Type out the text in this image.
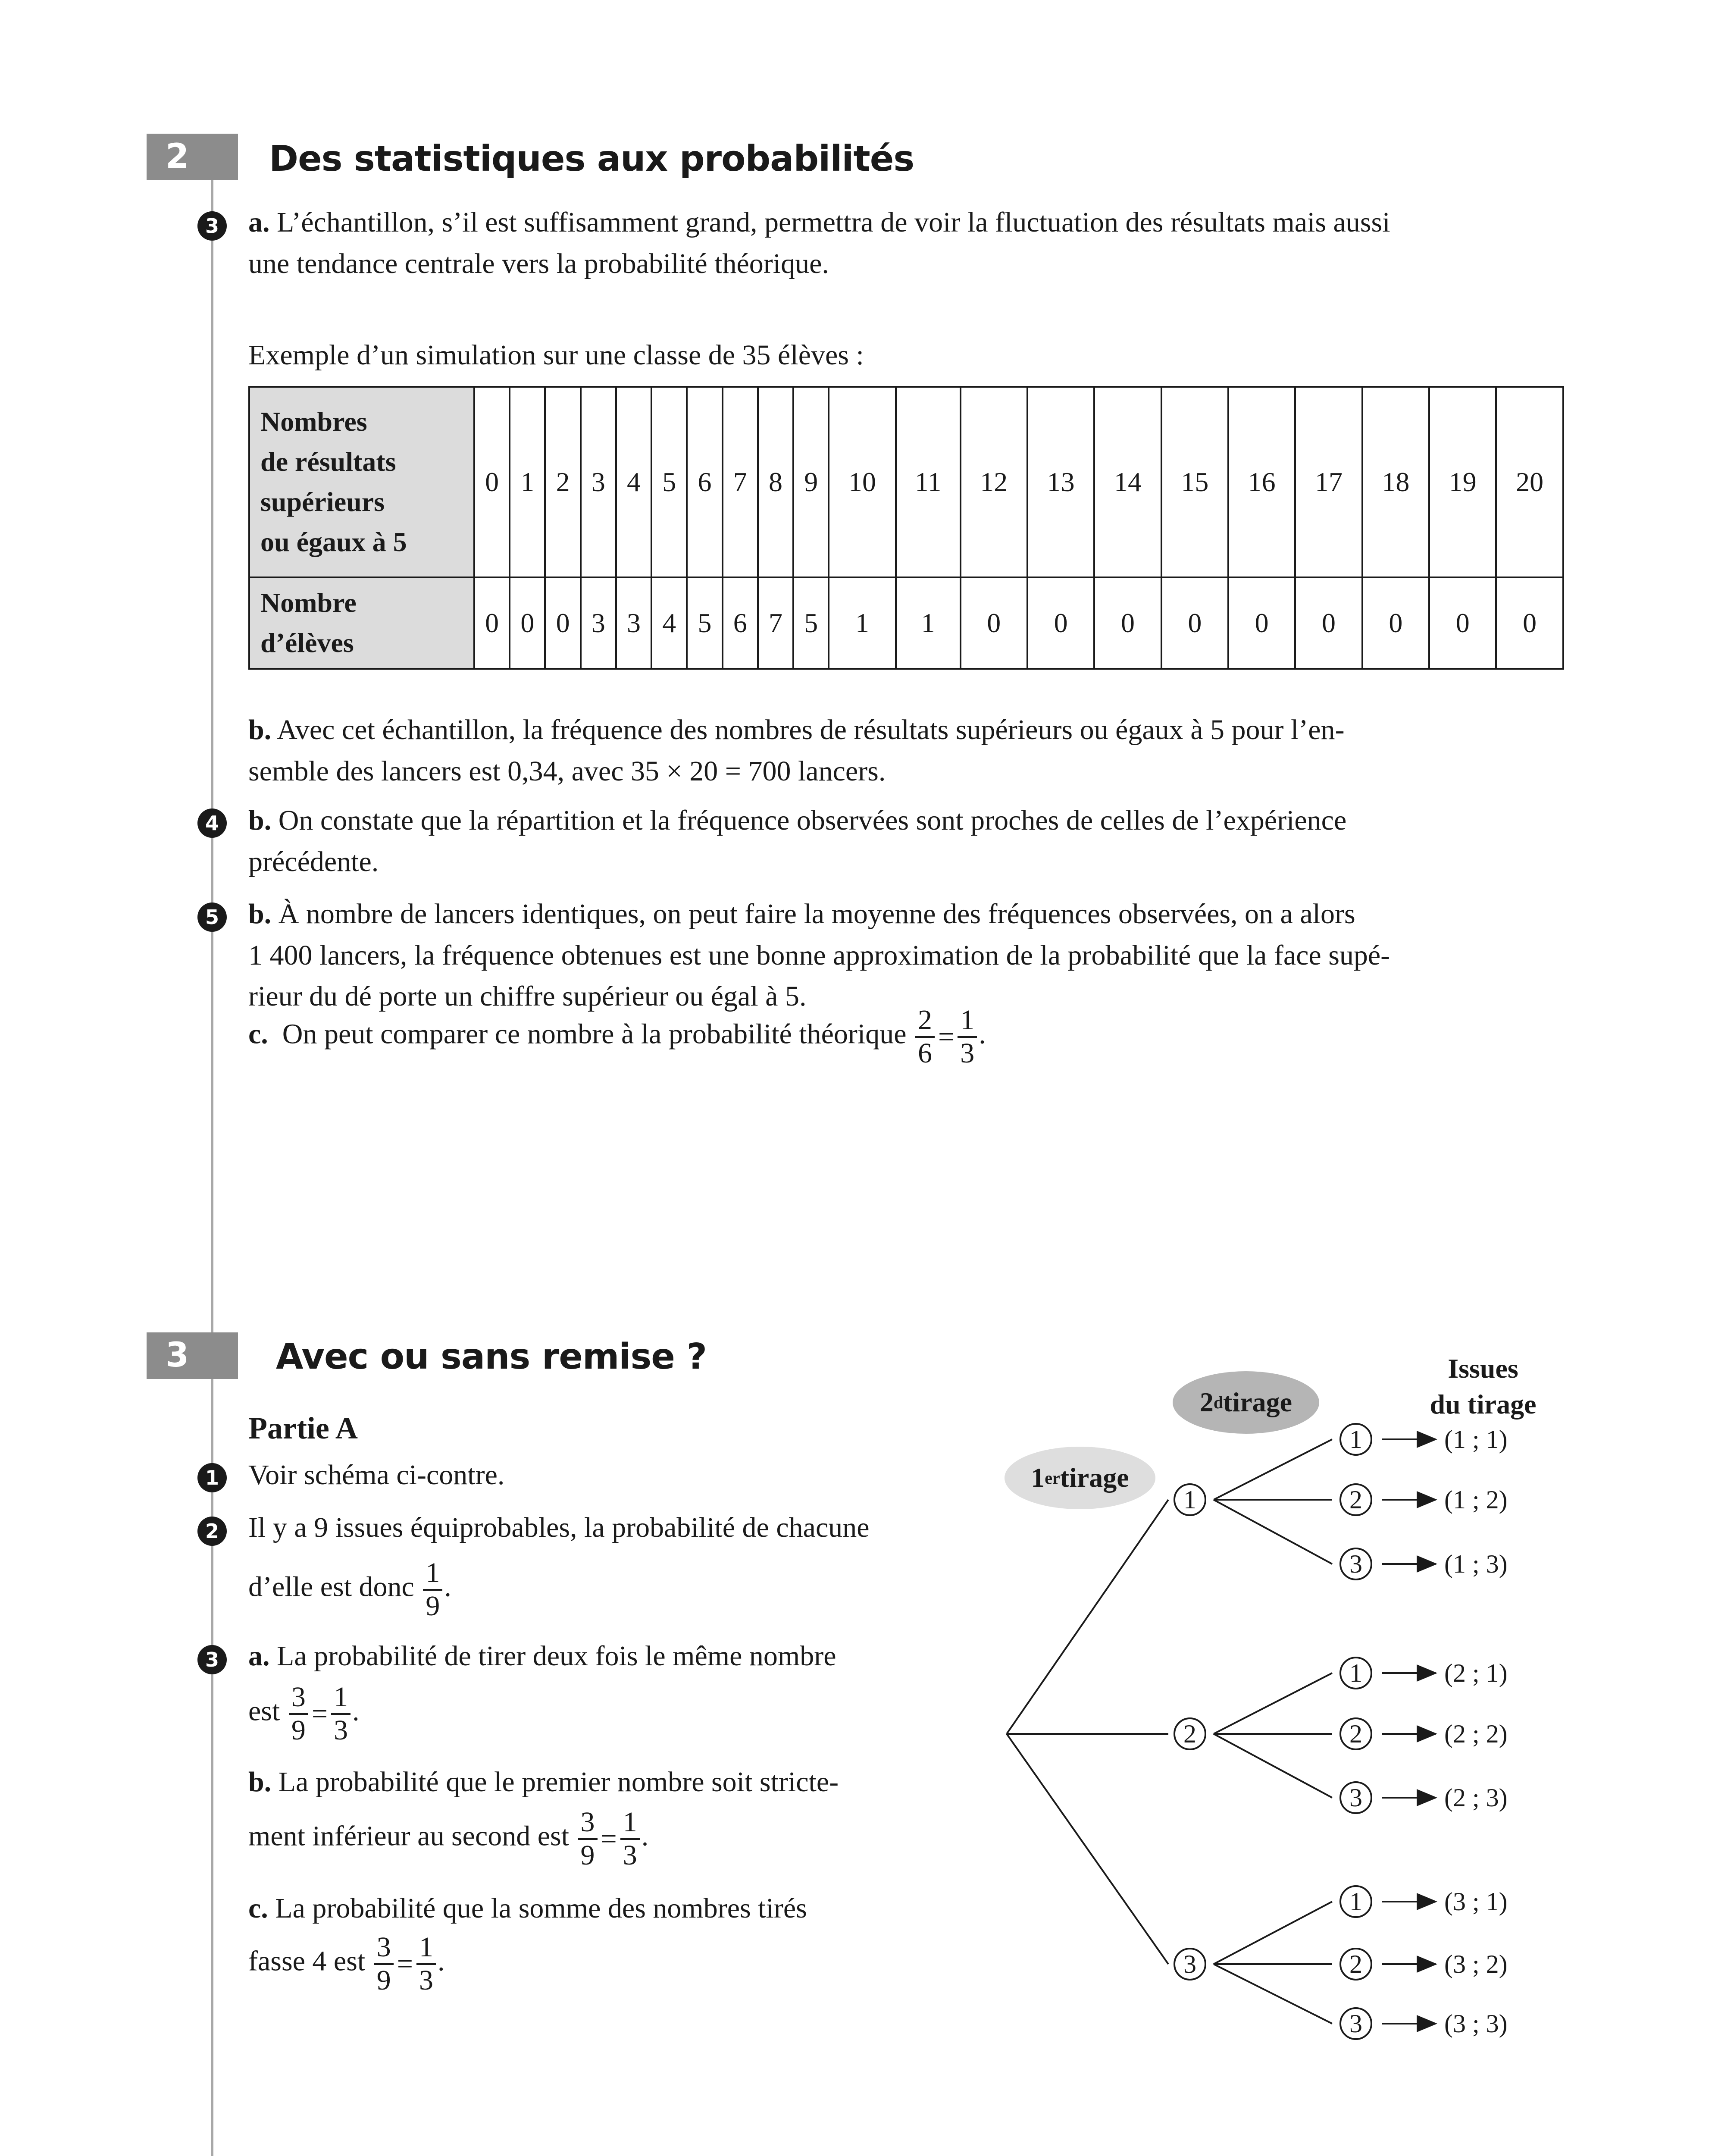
2 Des statistiques aux probabilités
3 a. L’échantillon, s’il est suffisamment grand, permettra de voir la fluctuation des résultats mais aussi
une tendance centrale vers la probabilité théorique.
Exemple d’un simulation sur une classe de 35 élèves :
Nombres
de résultats
supérieurs
ou égaux à 5	0	1	2	3	4	5	6	7	8	9	10	11	12	13	14	15	16	17	18	19	20
Nombre
d’élèves	0	0	0	3	3	4	5	6	7	5	1	1	0	0	0	0	0	0	0	0	0
b. Avec cet échantillon, la fréquence des nombres de résultats supérieurs ou égaux à 5 pour l’en-
semble des lancers est 0,34, avec 35 × 20 = 700 lancers.
4 b. On constate que la répartition et la fréquence observées sont proches de celles de l’expérience
précédente.
5 b. À nombre de lancers identiques, on peut faire la moyenne des fréquences observées, on a alors
1 400 lancers, la fréquence obtenues est une bonne approximation de la probabilité que la face supé-
rieur du dé porte un chiffre supérieur ou égal à 5.
c. On peut comparer ce nombre à la probabilité théorique $\frac{2}{6} = \frac{1}{3}$ .
3 Avec ou sans remise ?
Partie A
1 Voir schéma ci-contre.
2 Il y a 9 issues équiprobables, la probabilité de chacune
d’elle est donc $\frac{1}{9}$ .
3 a. La probabilité de tirer deux fois le même nombre
est $\frac{3}{9} = \frac{1}{3}$ .
b. La probabilité que le premier nombre soit stricte-
ment inférieur au second est $\frac{3}{9} = \frac{1}{3}$ .
c. La probabilité que la somme des nombres tirés
fasse 4 est $\frac{3}{9} = \frac{1}{3}$ .
1 er tirage
2 d tirage
Issues
du tirage
1
2
3
1
2
3
1
2
3
1
2
3
(1 ; 1)
(1 ; 2)
(1 ; 3)
(2 ; 1)
(2 ; 2)
(2 ; 3)
(3 ; 1)
(3 ; 2)
(3 ; 3)
